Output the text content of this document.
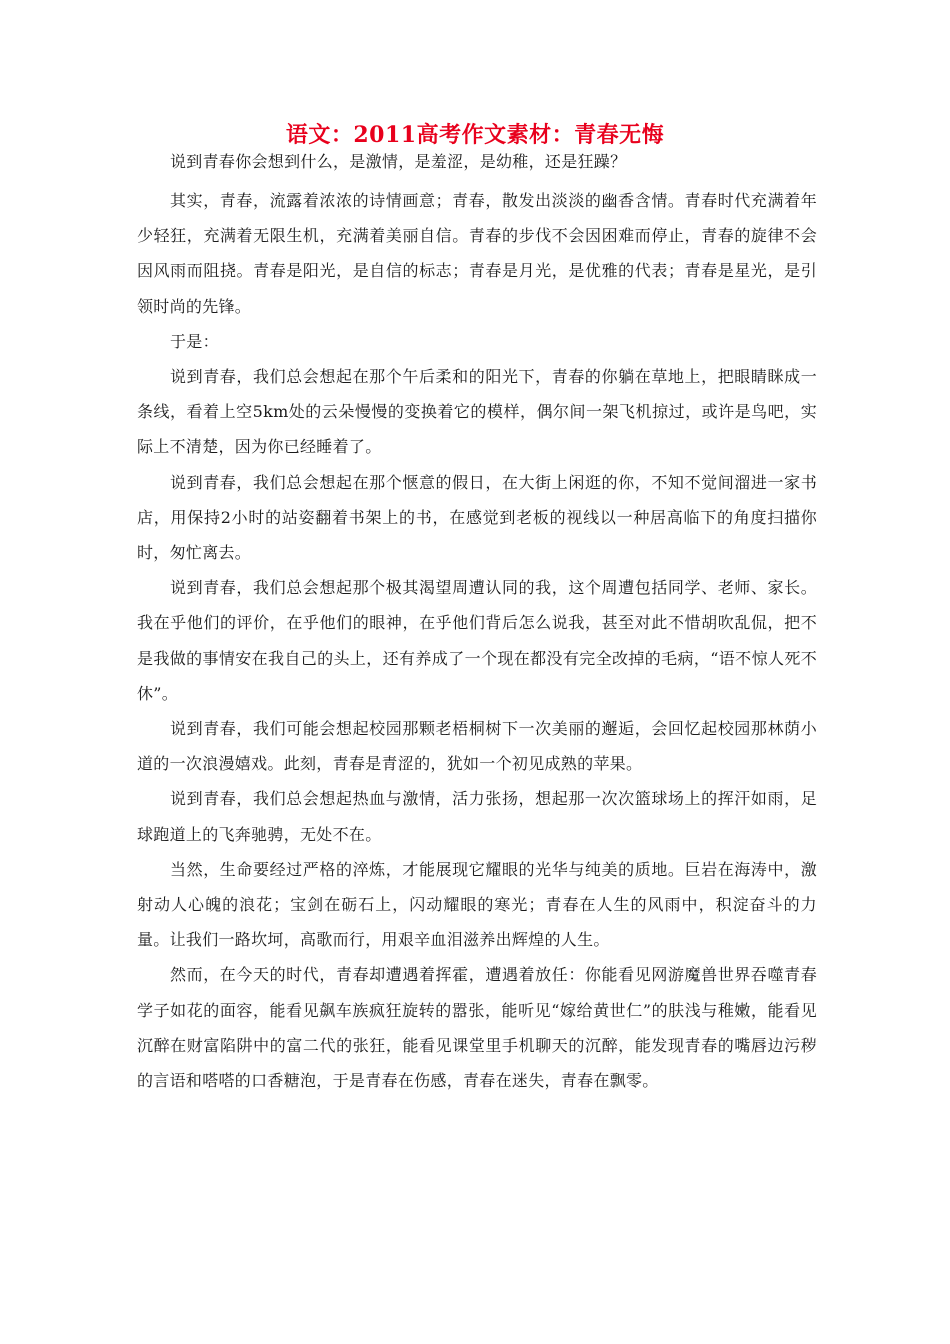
语文：2011高考作文素材：青春无悔

说到青春你会想到什么，是激情，是羞涩，是幼稚，还是狂躁？

其实，青春，流露着浓浓的诗情画意；青春，散发出淡淡的幽香含情。青春时代充满着年少轻狂，充满着无限生机，充满着美丽自信。青春的步伐不会因困难而停止，青春的旋律不会因风雨而阻挠。青春是阳光，是自信的标志；青春是月光，是优雅的代表；青春是星光，是引领时尚的先锋。

于是：

说到青春，我们总会想起在那个午后柔和的阳光下，青春的你躺在草地上，把眼睛眯成一条线，看着上空5km处的云朵慢慢的变换着它的模样，偶尔间一架飞机掠过，或许是鸟吧，实际上不清楚，因为你已经睡着了。

说到青春，我们总会想起在那个惬意的假日，在大街上闲逛的你，不知不觉间溜进一家书店，用保持2小时的站姿翻着书架上的书，在感觉到老板的视线以一种居高临下的角度扫描你时，匆忙离去。

说到青春，我们总会想起那个极其渴望周遭认同的我，这个周遭包括同学、老师、家长。我在乎他们的评价，在乎他们的眼神，在乎他们背后怎么说我，甚至对此不惜胡吹乱侃，把不是我做的事情安在我自己的头上，还有养成了一个现在都没有完全改掉的毛病，“语不惊人死不休”。

说到青春，我们可能会想起校园那颗老梧桐树下一次美丽的邂逅，会回忆起校园那林荫小道的一次浪漫嬉戏。此刻，青春是青涩的，犹如一个初见成熟的苹果。

说到青春，我们总会想起热血与激情，活力张扬，想起那一次次篮球场上的挥汗如雨，足球跑道上的飞奔驰骋，无处不在。

当然，生命要经过严格的淬炼，才能展现它耀眼的光华与纯美的质地。巨岩在海涛中，激射动人心魄的浪花；宝剑在砺石上，闪动耀眼的寒光；青春在人生的风雨中，积淀奋斗的力量。让我们一路坎坷，高歌而行，用艰辛血泪滋养出辉煌的人生。

然而，在今天的时代，青春却遭遇着挥霍，遭遇着放任：你能看见网游魔兽世界吞噬青春学子如花的面容，能看见飙车族疯狂旋转的嚣张，能听见“嫁给黄世仁”的肤浅与稚嫩，能看见沉醉在财富陷阱中的富二代的张狂，能看见课堂里手机聊天的沉醉，能发现青春的嘴唇边污秽的言语和嗒嗒的口香糖泡，于是青春在伤感，青春在迷失，青春在飘零。
